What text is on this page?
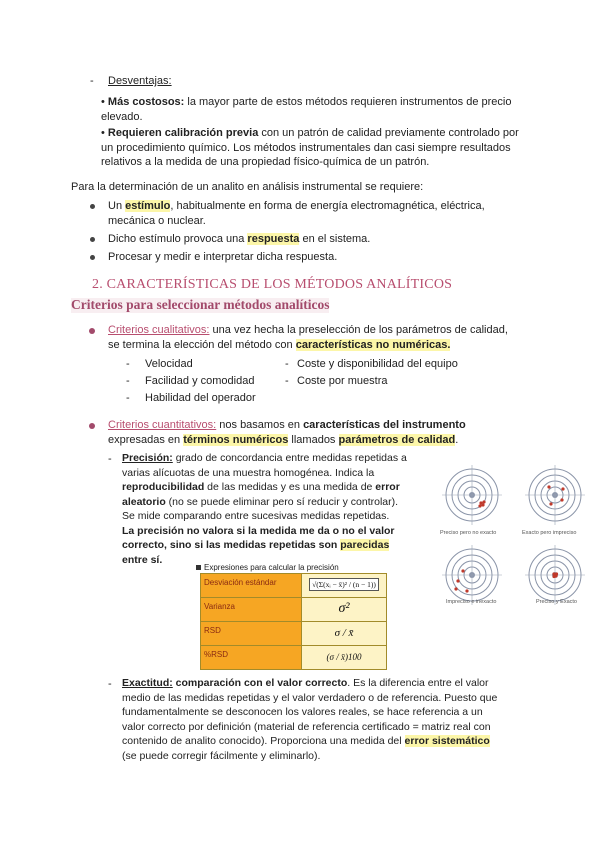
- Desventajas:
• Más costosos: la mayor parte de estos métodos requieren instrumentos de precio
elevado.
• Requieren calibración previa con un patrón de calidad previamente controlado por
un procedimiento químico. Los métodos instrumentales dan casi siempre resultados
relativos a la medida de una propiedad físico-química de un patrón.
Para la determinación de un analito en análisis instrumental se requiere:
Un estímulo, habitualmente en forma de energía electromagnética, eléctrica,
mecánica o nuclear.
Dicho estímulo provoca una respuesta en el sistema.
Procesar y medir e interpretar dicha respuesta.
2. CARACTERÍSTICAS DE LOS MÉTODOS ANALÍTICOS
Criterios para seleccionar métodos analíticos
Criterios cualitativos: una vez hecha la preselección de los parámetros de calidad,
se termina la elección del método con características no numéricas.
- Velocidad
- Facilidad y comodidad
- Habilidad del operador
- Coste y disponibilidad del equipo
- Coste por muestra
Criterios cuantitativos: nos basamos en características del instrumento
expresadas en términos numéricos llamados parámetros de calidad.
- Precisión: grado de concordancia entre medidas repetidas a
varias alícuotas de una muestra homogénea. Indica la
reproducibilidad de las medidas y es una medida de error
aleatorio (no se puede eliminar pero sí reducir y controlar).
Se mide comparando entre sucesivas medidas repetidas.
La precisión no valora si la medida me da o no el valor
correcto, sino si las medidas repetidas son parecidas
entre sí.
Expresiones para calcular la precisión
Desviación estándar	√(Σ(xᵢ − x̄)² / (n − 1))
Varianza	σ²
RSD	σ / x̄
%RSD	(σ / x̄)100
Preciso pero no exacto	Exacto pero impreciso
Impreciso e inexacto	Preciso y Exacto
- Exactitud: comparación con el valor correcto. Es la diferencia entre el valor
medio de las medidas repetidas y el valor verdadero o de referencia. Puesto que
fundamentalmente se desconocen los valores reales, se hace referencia a un
valor correcto por definición (material de referencia certificado = matriz real con
contenido de analito conocido). Proporciona una medida del error sistemático
(se puede corregir fácilmente y eliminarlo).
